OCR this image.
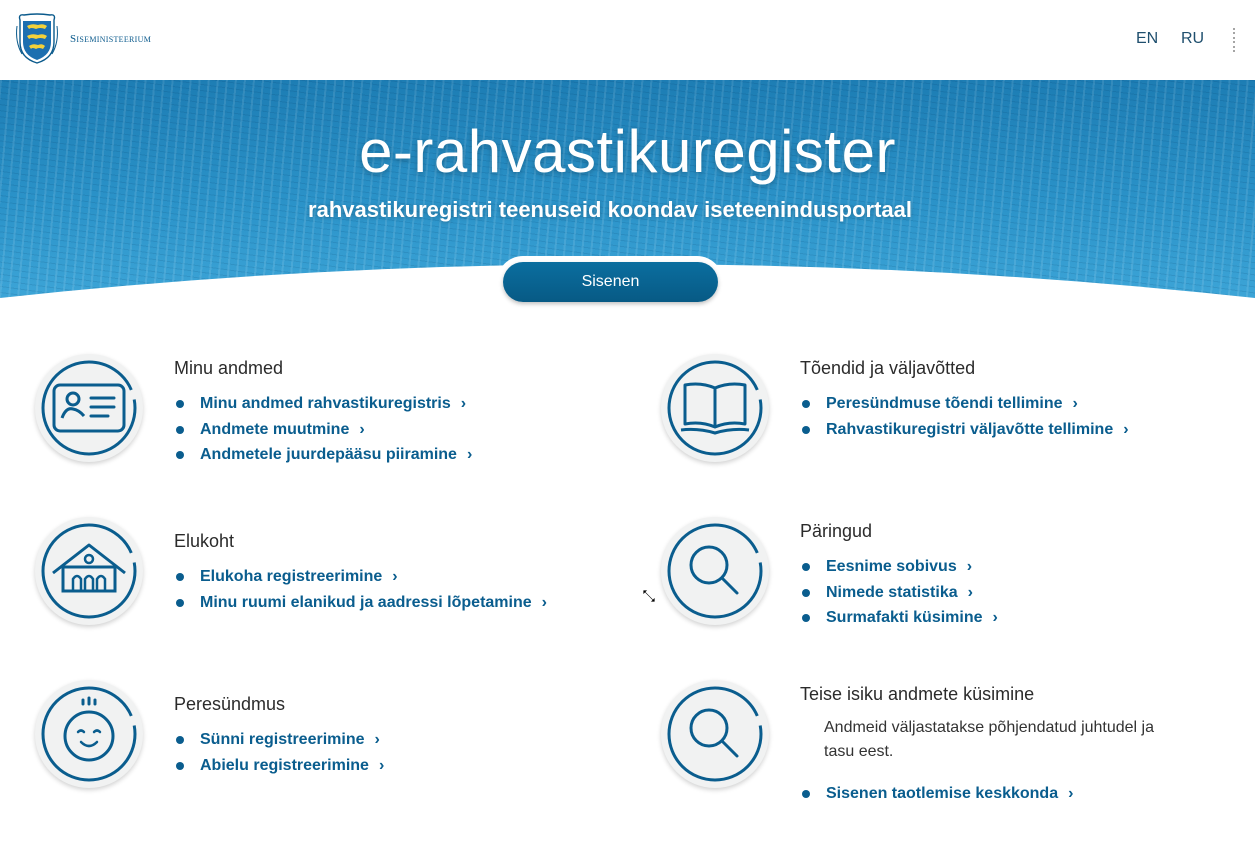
Siseministeerium	EN RU
e-rahvastikuregister
rahvastikuregistri teenuseid koondav iseteenindusportaal
Sisenen
Minu andmed
Minu andmed rahvastikuregistris ›
Andmete muutmine ›
Andmetele juurdepääsu piiramine ›
Tõendid ja väljavõtted
Peresündmuse tõendi tellimine ›
Rahvastikuregistri väljavõtte tellimine ›
Elukoht
Elukoha registreerimine ›
Minu ruumi elanikud ja aadressi lõpetamine ›
Päringud
Eesnime sobivus ›
Nimede statistika ›
Surmafakti küsimine ›
Peresündmus
Sünni registreerimine ›
Abielu registreerimine ›
Teise isiku andmete küsimine
Andmeid väljastatakse põhjendatud juhtudel ja tasu eest.
Sisenen taotlemise keskkonda ›
